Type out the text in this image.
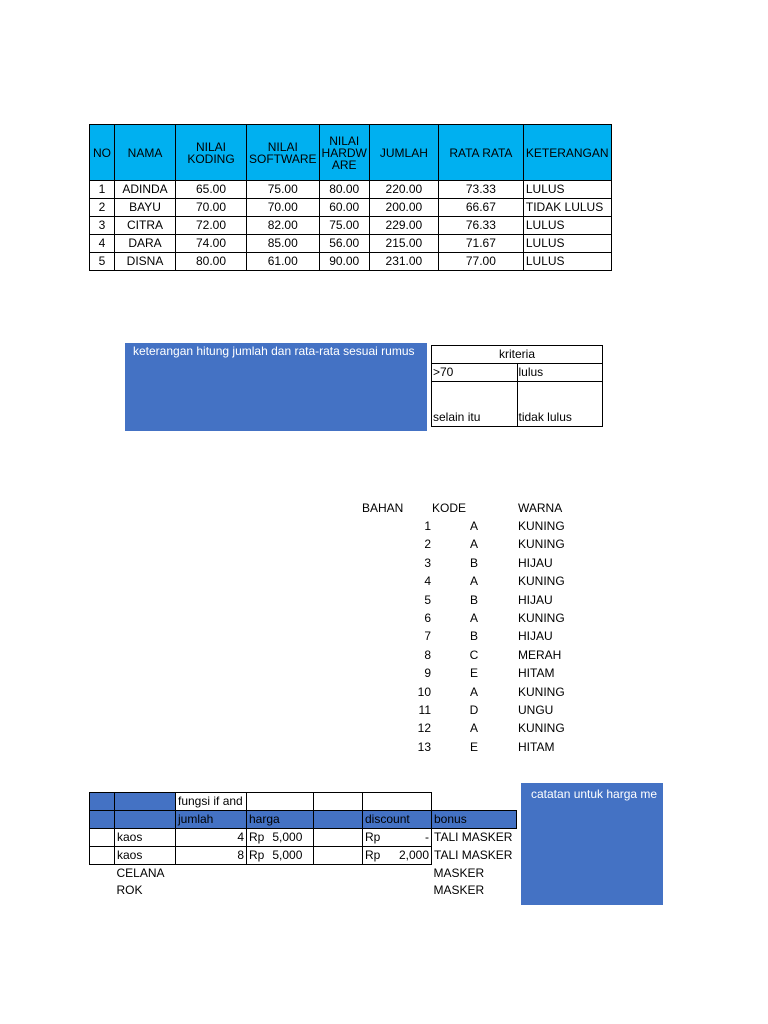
NO	NAMA	NILAI KODING	NILAI SOFTWARE	NILAI HARDW ARE	JUMLAH	RATA RATA	KETERANGAN
1	ADINDA	65.00	75.00	80.00	220.00	73.33	LULUS
2	BAYU	70.00	70.00	60.00	200.00	66.67	TIDAK LULUS
3	CITRA	72.00	82.00	75.00	229.00	76.33	LULUS
4	DARA	74.00	85.00	56.00	215.00	71.67	LULUS
5	DISNA	80.00	61.00	90.00	231.00	77.00	LULUS
keterangan hitung jumlah dan rata-rata sesuai rumus	kriteria	
>70	lulus
selain itu	tidak lulus
BAHAN KODE	WARNA
1	A	KUNING
2	A	KUNING
3	B	HIJAU
4	A	KUNING
5	B	HIJAU
6	A	KUNING
7	B	HIJAU
8	C	MERAH
9	E	HITAM
10	A	KUNING
11	D	UNGU
12	A	KUNING
13	E	HITAM
		fungsi if and				
		jumlah	harga		discount	bonus
	kaos	4	Rp 5,000		Rp -	TALI MASKER
	kaos	8	Rp 5,000		Rp 2,000	TALI MASKER
	CELANA					MASKER
	ROK					MASKER
catatan untuk harga me
